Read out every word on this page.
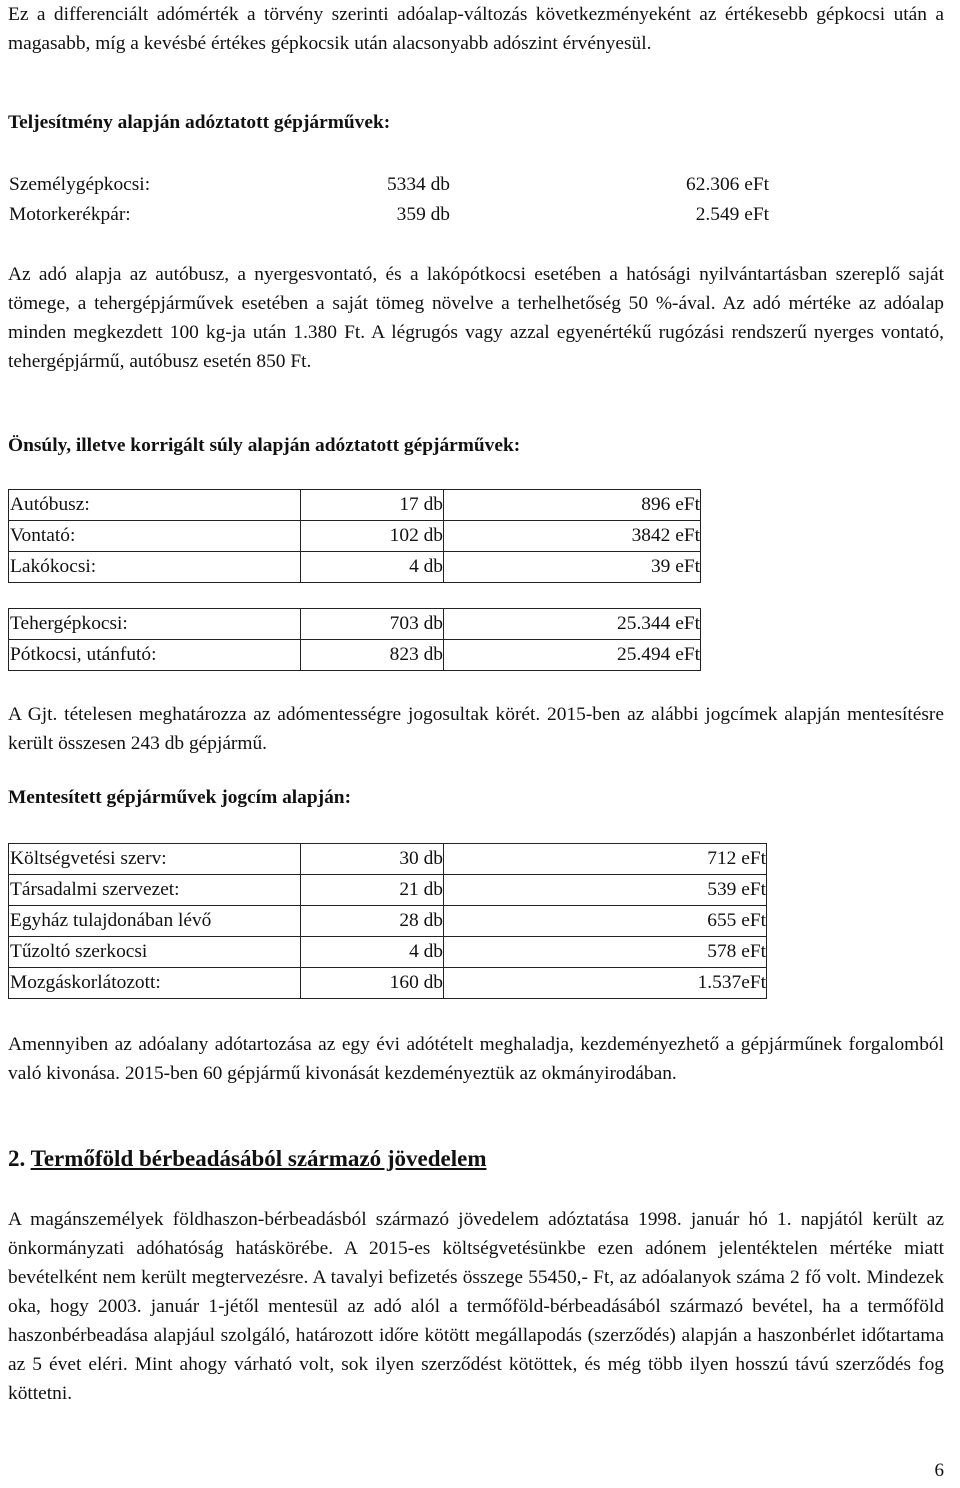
Ez a differenciált adómérték a törvény szerinti adóalap-változás következményeként az értékesebb gépkocsi után a magasabb, míg a kevésbé értékes gépkocsik után alacsonyabb adószint érvényesül.

Teljesítmény alapján adóztatott gépjárművek:

Személygépkocsi:	5334 db	62.306 eFt	
Motorkerékpár:	359 db	2.549 eFt	

Az adó alapja az autóbusz, a nyergesvontató, és a lakópótkocsi esetében a hatósági nyilvántartásban szereplő saját tömege, a tehergépjárművek esetében a saját tömeg növelve a terhelhetőség 50 %-ával. Az adó mértéke az adóalap minden megkezdett 100 kg-ja után 1.380 Ft. A légrugós vagy azzal egyenértékű rugózási rendszerű nyerges vontató, tehergépjármű, autóbusz esetén 850 Ft.

Önsúly, illetve korrigált súly alapján adóztatott gépjárművek:

Autóbusz:	17 db	896 eFt
Vontató:	102 db	3842 eFt
Lakókocsi:	4 db	39 eFt
Tehergépkocsi:	703 db	25.344 eFt
Pótkocsi, utánfutó:	823 db	25.494 eFt

A Gjt. tételesen meghatározza az adómentességre jogosultak körét. 2015-ben az alábbi jogcímek alapján mentesítésre került összesen 243 db gépjármű.

Mentesített gépjárművek jogcím alapján:

Költségvetési szerv:	30 db	712 eFt
Társadalmi szervezet:	21 db	539 eFt
Egyház tulajdonában lévő	28 db	655 eFt
Tűzoltó szerkocsi	4 db	578 eFt
Mozgáskorlátozott:	160 db	1.537eFt

Amennyiben az adóalany adótartozása az egy évi adótételt meghaladja, kezdeményezhető a gépjárműnek forgalomból való kivonása. 2015-ben 60 gépjármű kivonását kezdeményeztük az okmányirodában.

2. Termőföld bérbeadásából származó jövedelem

A magánszemélyek földhaszon-bérbeadásból származó jövedelem adóztatása 1998. január hó 1. napjától került az önkormányzati adóhatóság hatáskörébe. A 2015-es költségvetésünkbe ezen adónem jelentéktelen mértéke miatt bevételként nem került megtervezésre. A tavalyi befizetés összege 55450,- Ft, az adóalanyok száma 2 fő volt. Mindezek oka, hogy 2003. január 1-jétől mentesül az adó alól a termőföld-bérbeadásából származó bevétel, ha a termőföld haszonbérbeadása alapjául szolgáló, határozott időre kötött megállapodás (szerződés) alapján a haszonbérlet időtartama az 5 évet eléri. Mint ahogy várható volt, sok ilyen szerződést kötöttek, és még több ilyen hosszú távú szerződés fog köttetni.

6
